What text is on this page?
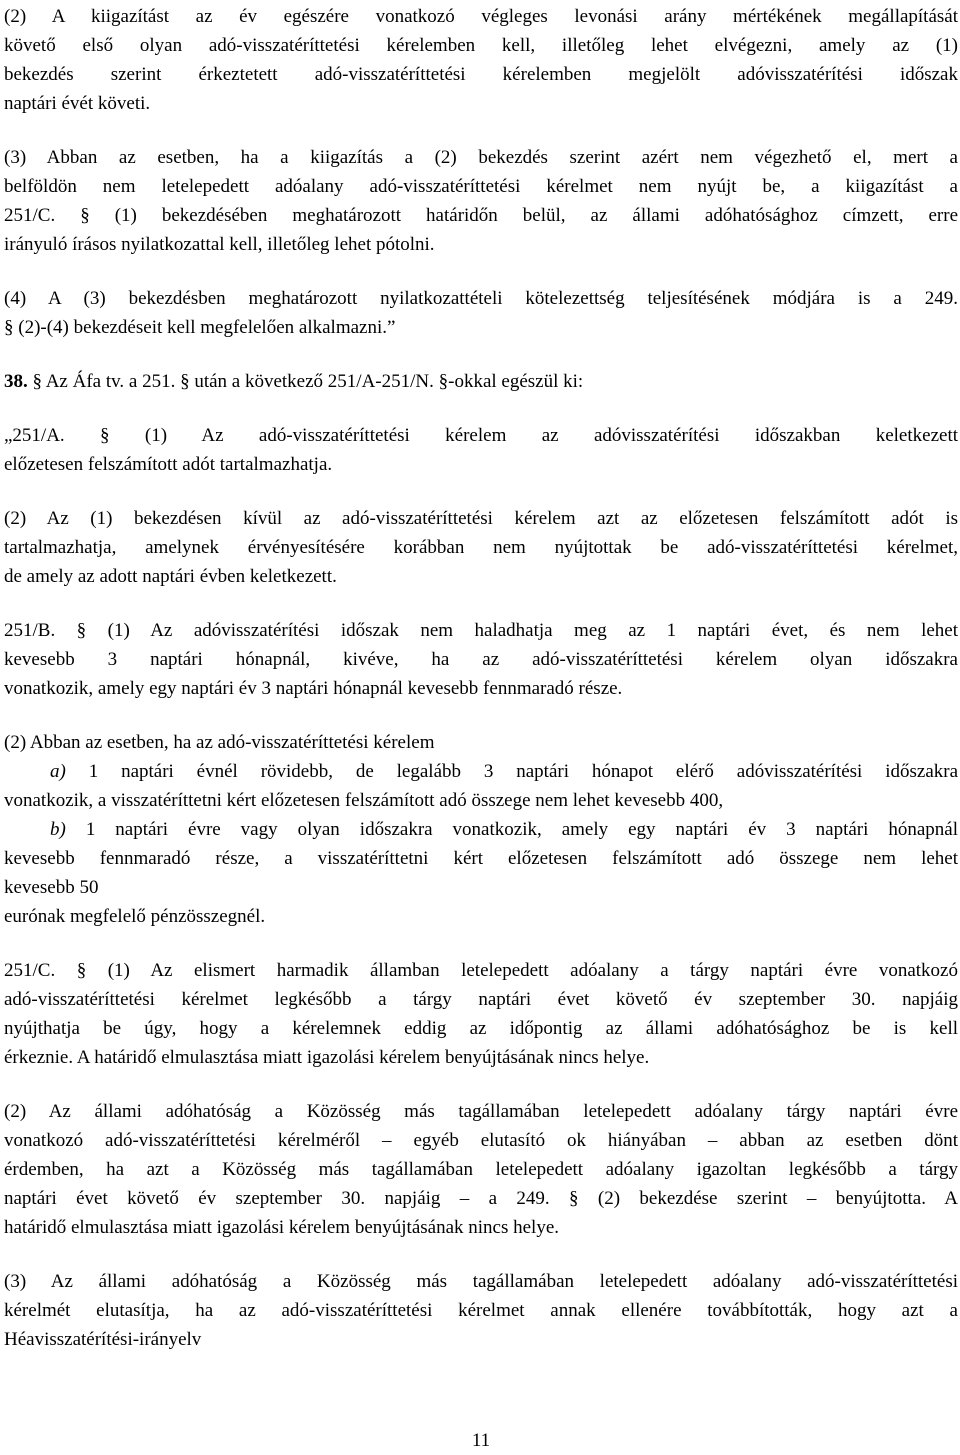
(2) A kiigazítást az év egészére vonatkozó végleges levonási arány mértékének megállapítását
követő első olyan adó-visszatéríttetési kérelemben kell, illetőleg lehet elvégezni, amely az (1)
bekezdés szerint érkeztetett adó-visszatéríttetési kérelemben megjelölt adóvisszatérítési időszak
naptári évét követi.

(3) Abban az esetben, ha a kiigazítás a (2) bekezdés szerint azért nem végezhető el, mert a
belföldön nem letelepedett adóalany adó-visszatéríttetési kérelmet nem nyújt be, a kiigazítást a
251/C. § (1) bekezdésében meghatározott határidőn belül, az állami adóhatósághoz címzett, erre
irányuló írásos nyilatkozattal kell, illetőleg lehet pótolni.

(4) A (3) bekezdésben meghatározott nyilatkozattételi kötelezettség teljesítésének módjára is a 249.
§ (2)-(4) bekezdéseit kell megfelelően alkalmazni.”

38. § Az Áfa tv. a 251. § után a következő 251/A-251/N. §-okkal egészül ki:

„251/A. § (1) Az adó-visszatéríttetési kérelem az adóvisszatérítési időszakban keletkezett
előzetesen felszámított adót tartalmazhatja.

(2) Az (1) bekezdésen kívül az adó-visszatéríttetési kérelem azt az előzetesen felszámított adót is
tartalmazhatja, amelynek érvényesítésére korábban nem nyújtottak be adó-visszatéríttetési kérelmet,
de amely az adott naptári évben keletkezett.

251/B. § (1) Az adóvisszatérítési időszak nem haladhatja meg az 1 naptári évet, és nem lehet
kevesebb 3 naptári hónapnál, kivéve, ha az adó-visszatéríttetési kérelem olyan időszakra
vonatkozik, amely egy naptári év 3 naptári hónapnál kevesebb fennmaradó része.

(2) Abban az esetben, ha az adó-visszatéríttetési kérelem
a) 1 naptári évnél rövidebb, de legalább 3 naptári hónapot elérő adóvisszatérítési időszakra
vonatkozik, a visszatéríttetni kért előzetesen felszámított adó összege nem lehet kevesebb 400,
b) 1 naptári évre vagy olyan időszakra vonatkozik, amely egy naptári év 3 naptári hónapnál
kevesebb fennmaradó része, a visszatéríttetni kért előzetesen felszámított adó összege nem lehet
kevesebb 50
eurónak megfelelő pénzösszegnél.

251/C. § (1) Az elismert harmadik államban letelepedett adóalany a tárgy naptári évre vonatkozó
adó-visszatéríttetési kérelmet legkésőbb a tárgy naptári évet követő év szeptember 30. napjáig
nyújthatja be úgy, hogy a kérelemnek eddig az időpontig az állami adóhatósághoz be is kell
érkeznie. A határidő elmulasztása miatt igazolási kérelem benyújtásának nincs helye.

(2) Az állami adóhatóság a Közösség más tagállamában letelepedett adóalany tárgy naptári évre
vonatkozó adó-visszatéríttetési kérelméről – egyéb elutasító ok hiányában – abban az esetben dönt
érdemben, ha azt a Közösség más tagállamában letelepedett adóalany igazoltan legkésőbb a tárgy
naptári évet követő év szeptember 30. napjáig – a 249. § (2) bekezdése szerint – benyújtotta. A
határidő elmulasztása miatt igazolási kérelem benyújtásának nincs helye.

(3) Az állami adóhatóság a Közösség más tagállamában letelepedett adóalany adó-visszatéríttetési
kérelmét elutasítja, ha az adó-visszatéríttetési kérelmet annak ellenére továbbították, hogy azt a
Héavisszatérítési-irányelv

11
